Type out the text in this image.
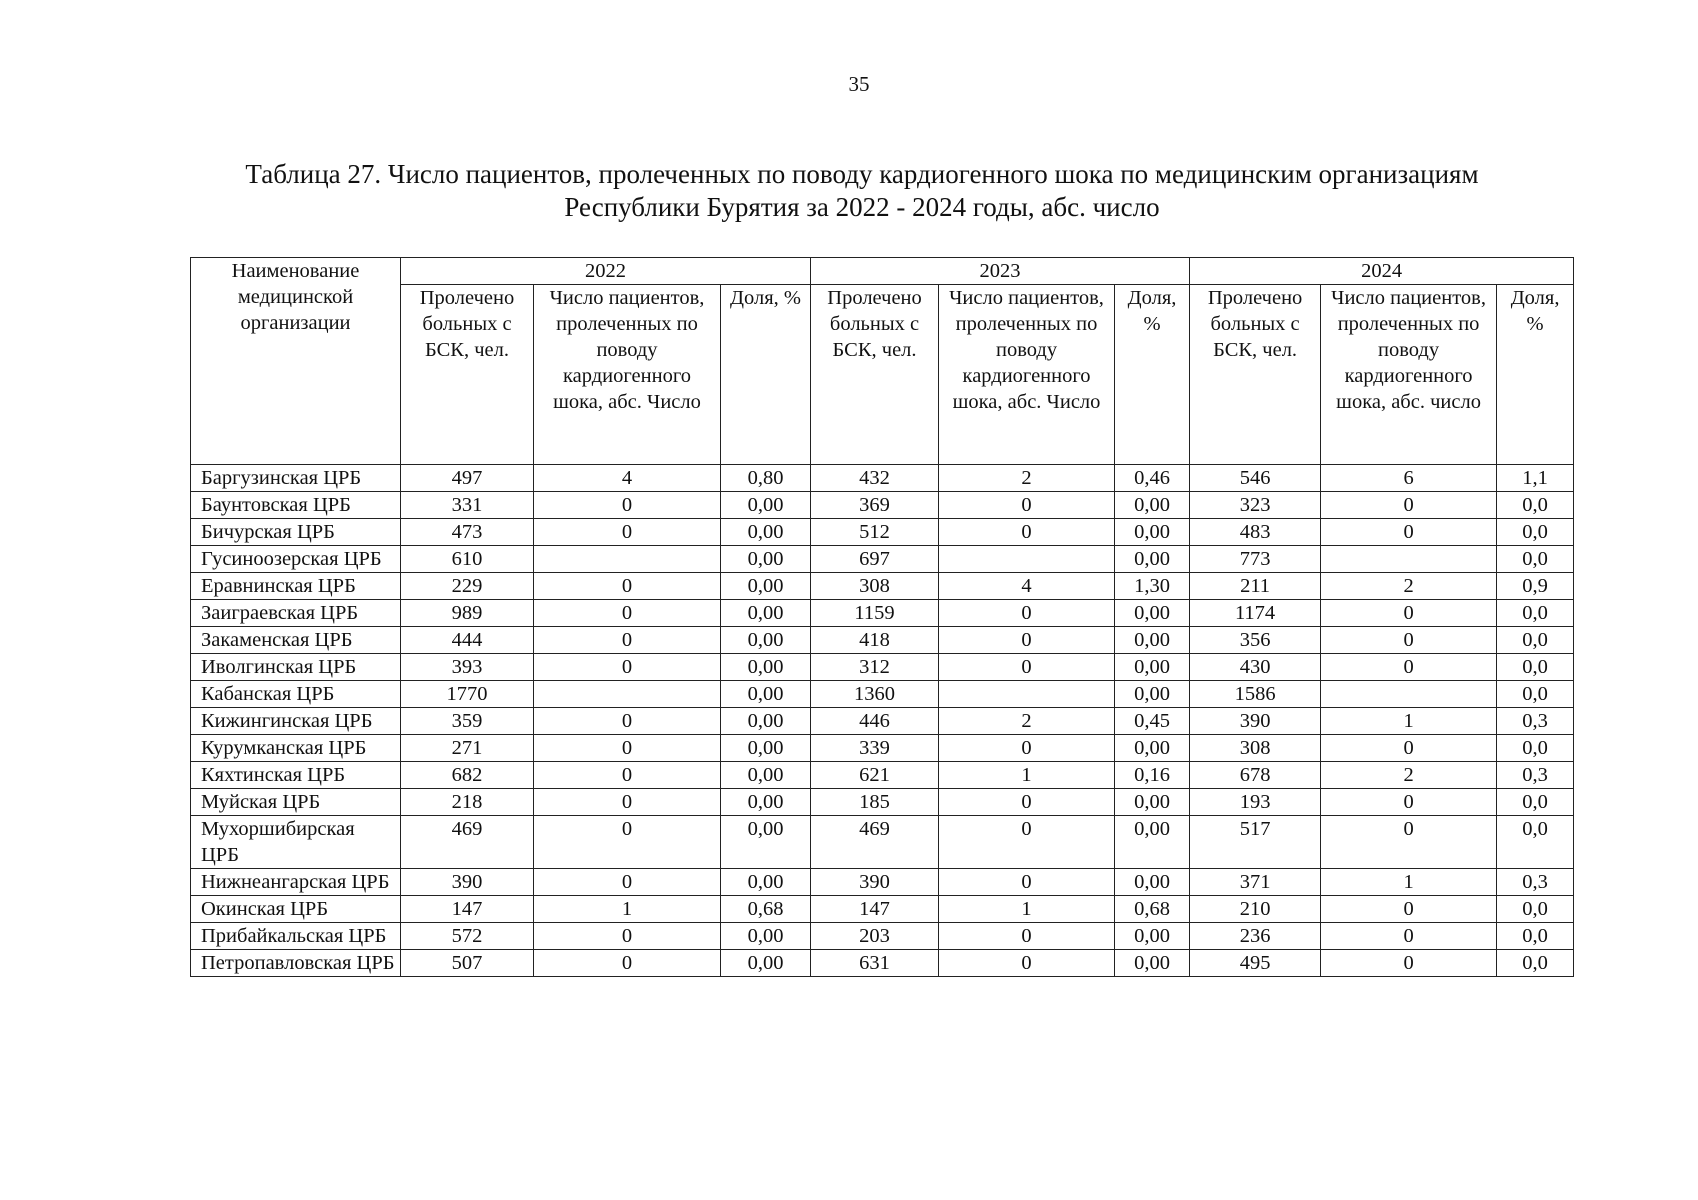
35
Таблица 27. Число пациентов, пролеченных по поводу кардиогенного шока по медицинским организациям
Республики Бурятия за 2022 - 2024 годы, абс. число
Наименование медицинской организации	2022			2023			2024		
	Пролечено больных с БСК, чел.	Число пациентов, пролеченных по поводу кардиогенного шока, абс. Число	Доля, %	Пролечено больных с БСК, чел.	Число пациентов, пролеченных по поводу кардиогенного шока, абс. Число	Доля, %	Пролечено больных с БСК, чел.	Число пациентов, пролеченных по поводу кардиогенного шока, абс. число	Доля, %
Баргузинская ЦРБ	497	4	0,80	432	2	0,46	546	6	1,1
Баунтовская ЦРБ	331	0	0,00	369	0	0,00	323	0	0,0
Бичурская ЦРБ	473	0	0,00	512	0	0,00	483	0	0,0
Гусиноозерская ЦРБ	610		0,00	697		0,00	773		0,0
Еравнинская ЦРБ	229	0	0,00	308	4	1,30	211	2	0,9
Заиграевская ЦРБ	989	0	0,00	1159	0	0,00	1174	0	0,0
Закаменская ЦРБ	444	0	0,00	418	0	0,00	356	0	0,0
Иволгинская ЦРБ	393	0	0,00	312	0	0,00	430	0	0,0
Кабанская ЦРБ	1770		0,00	1360		0,00	1586		0,0
Кижингинская ЦРБ	359	0	0,00	446	2	0,45	390	1	0,3
Курумканская ЦРБ	271	0	0,00	339	0	0,00	308	0	0,0
Кяхтинская ЦРБ	682	0	0,00	621	1	0,16	678	2	0,3
Муйская ЦРБ	218	0	0,00	185	0	0,00	193	0	0,0
Мухоршибирская ЦРБ	469	0	0,00	469	0	0,00	517	0	0,0
Нижнеангарская ЦРБ	390	0	0,00	390	0	0,00	371	1	0,3
Окинская ЦРБ	147	1	0,68	147	1	0,68	210	0	0,0
Прибайкальская ЦРБ	572	0	0,00	203	0	0,00	236	0	0,0
Петропавловская ЦРБ	507	0	0,00	631	0	0,00	495	0	0,0
